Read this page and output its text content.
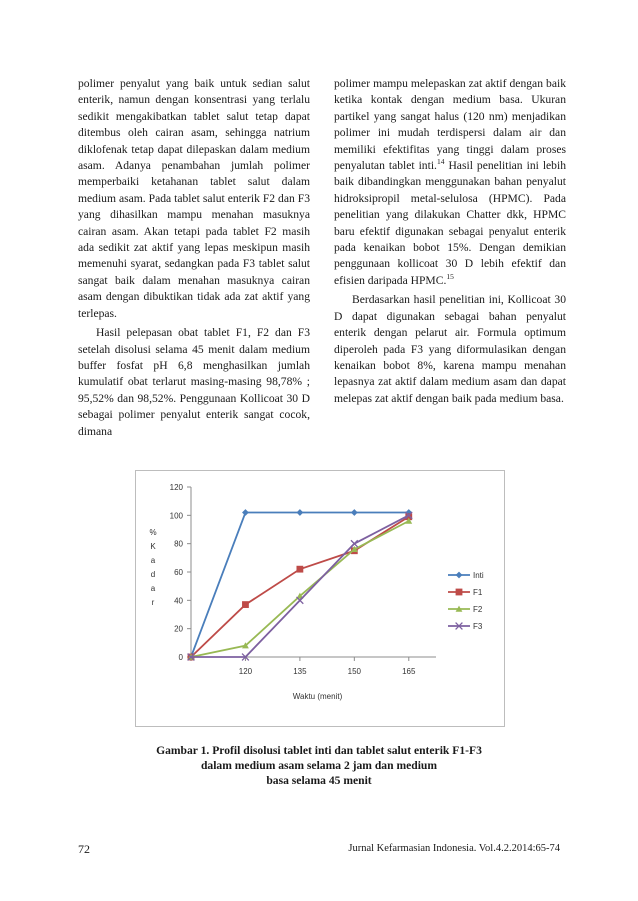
polimer penyalut yang baik untuk sedian salut enterik, namun dengan konsentrasi yang terlalu sedikit mengakibatkan tablet salut tetap dapat ditembus oleh cairan asam, sehingga natrium diklofenak tetap dapat dilepaskan dalam medium asam. Adanya penambahan jumlah polimer memperbaiki ketahanan tablet salut dalam medium asam. Pada tablet salut enterik F2 dan F3 yang dihasilkan mampu menahan masuknya cairan asam. Akan tetapi pada tablet F2 masih ada sedikit zat aktif yang lepas meskipun masih memenuhi syarat, sedangkan pada F3 tablet salut sangat baik dalam menahan masuknya cairan asam dengan dibuktikan tidak ada zat aktif yang terlepas.

Hasil pelepasan obat tablet F1, F2 dan F3 setelah disolusi selama 45 menit dalam medium buffer fosfat pH 6,8 menghasilkan jumlah kumulatif obat terlarut masing-masing 98,78% ; 95,52% dan 98,52%. Penggunaan Kollicoat 30 D sebagai polimer penyalut enterik sangat cocok, dimana

polimer mampu melepaskan zat aktif dengan baik ketika kontak dengan medium basa. Ukuran partikel yang sangat halus (120 nm) menjadikan polimer ini mudah terdispersi dalam air dan memiliki efektifitas yang tinggi dalam proses penyalutan tablet inti.$^{14}$ Hasil penelitian ini lebih baik dibandingkan menggunakan bahan penyalut hidroksipropil metal-selulosa (HPMC). Pada penelitian yang dilakukan Chatter dkk, HPMC baru efektif digunakan sebagai penyalut enterik pada kenaikan bobot 15%. Dengan demikian penggunaan kollicoat 30 D lebih efektif dan efisien daripada HPMC.$^{15}$

Berdasarkan hasil penelitian ini, Kollicoat 30 D dapat digunakan sebagai bahan penyalut enterik dengan pelarut air. Formula optimum diperoleh pada F3 yang diformulasikan dengan kenaikan bobot 8%, karena mampu menahan lepasnya zat aktif dalam medium asam dan dapat melepas zat aktif dengan baik pada medium basa.

0
20
40
60
80
100
120
120	135	150	165
%
K
a
d
a
r
Waktu (menit)
Inti
F1
F2
F3
Gambar 1. Profil disolusi tablet inti dan tablet salut enterik F1-F3
dalam medium asam selama 2 jam dan medium
basa selama 45 menit
72	Jurnal Kefarmasian Indonesia. Vol.4.2.2014:65-74
